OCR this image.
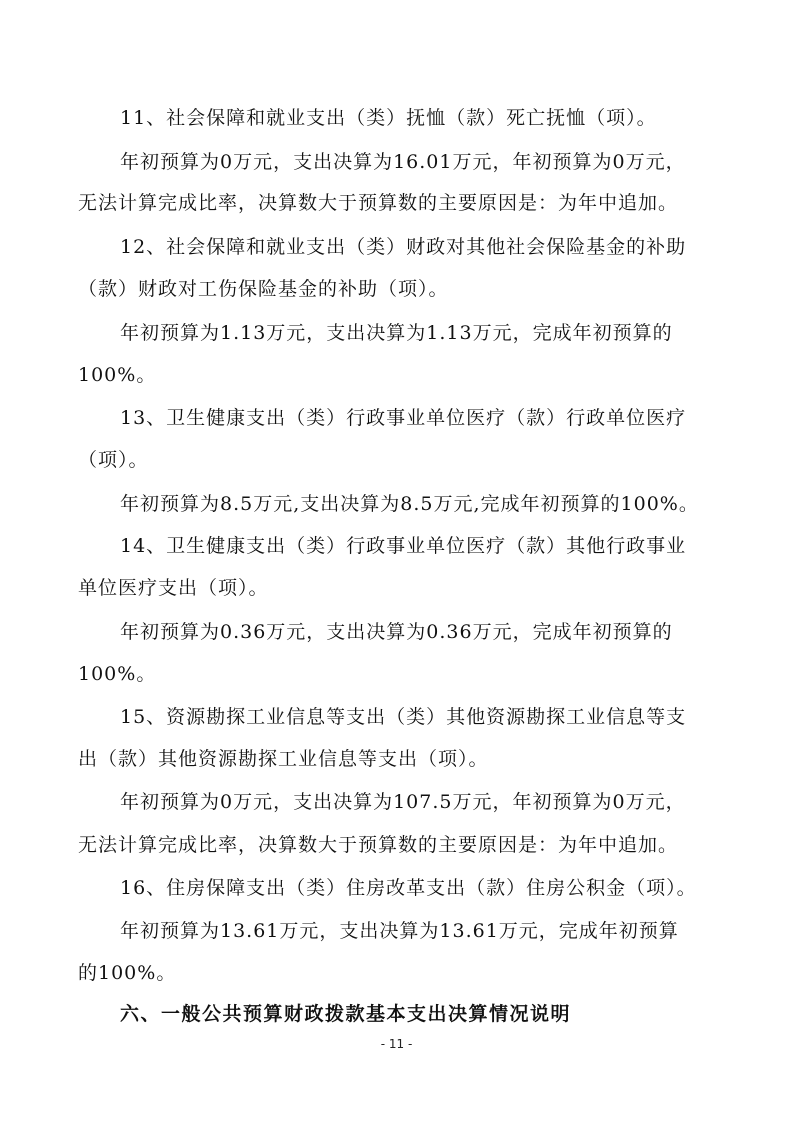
11、社会保障和就业支出（类）抚恤（款）死亡抚恤（项）。
年初预算为0万元，支出决算为16.01万元，年初预算为0万元，
无法计算完成比率，决算数大于预算数的主要原因是：为年中追加。
12、社会保障和就业支出（类）财政对其他社会保险基金的补助
（款）财政对工伤保险基金的补助（项）。
年初预算为1.13万元，支出决算为1.13万元，完成年初预算的
100%。
13、卫生健康支出（类）行政事业单位医疗（款）行政单位医疗
（项）。
年初预算为8.5万元,支出决算为8.5万元,完成年初预算的100%。
14、卫生健康支出（类）行政事业单位医疗（款）其他行政事业
单位医疗支出（项）。
年初预算为0.36万元，支出决算为0.36万元，完成年初预算的
100%。
15、资源勘探工业信息等支出（类）其他资源勘探工业信息等支
出（款）其他资源勘探工业信息等支出（项）。
年初预算为0万元，支出决算为107.5万元，年初预算为0万元，
无法计算完成比率，决算数大于预算数的主要原因是：为年中追加。
16、住房保障支出（类）住房改革支出（款）住房公积金（项）。
年初预算为13.61万元，支出决算为13.61万元，完成年初预算
的100%。
六、一般公共预算财政拨款基本支出决算情况说明
- 11 -
